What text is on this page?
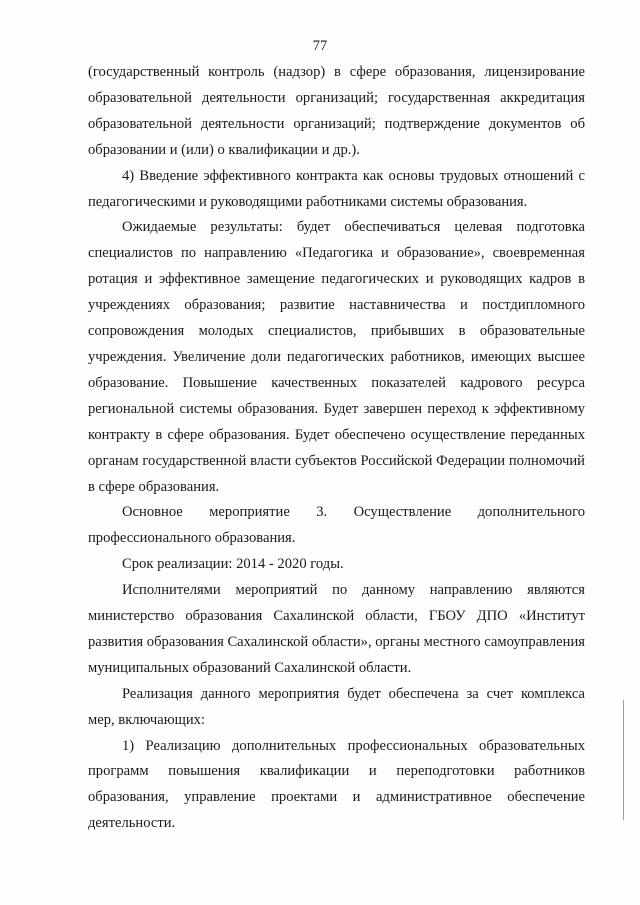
77

(государственный контроль (надзор) в сфере образования, лицензирование образовательной деятельности организаций; государственная аккредитация образовательной деятельности организаций; подтверждение документов об образовании и (или) о квалификации и др.).

4) Введение эффективного контракта как основы трудовых отношений с педагогическими и руководящими работниками системы образования.

Ожидаемые результаты: будет обеспечиваться целевая подготовка специалистов по направлению «Педагогика и образование», своевременная ротация и эффективное замещение педагогических и руководящих кадров в учреждениях образования; развитие наставничества и постдипломного сопровождения молодых специалистов, прибывших в образовательные учреждения. Увеличение доли педагогических работников, имеющих высшее образование. Повышение качественных показателей кадрового ресурса региональной системы образования. Будет завершен переход к эффективному контракту в сфере образования. Будет обеспечено осуществление переданных органам государственной власти субъектов Российской Федерации полномочий в сфере образования.

Основное мероприятие 3. Осуществление дополнительного профессионального образования.

Срок реализации: 2014 - 2020 годы.

Исполнителями мероприятий по данному направлению являются министерство образования Сахалинской области, ГБОУ ДПО «Институт развития образования Сахалинской области», органы местного самоуправления муниципальных образований Сахалинской области.

Реализация данного мероприятия будет обеспечена за счет комплекса мер, включающих:

1) Реализацию дополнительных профессиональных образовательных программ повышения квалификации и переподготовки работников образования, управление проектами и административное обеспечение деятельности.
